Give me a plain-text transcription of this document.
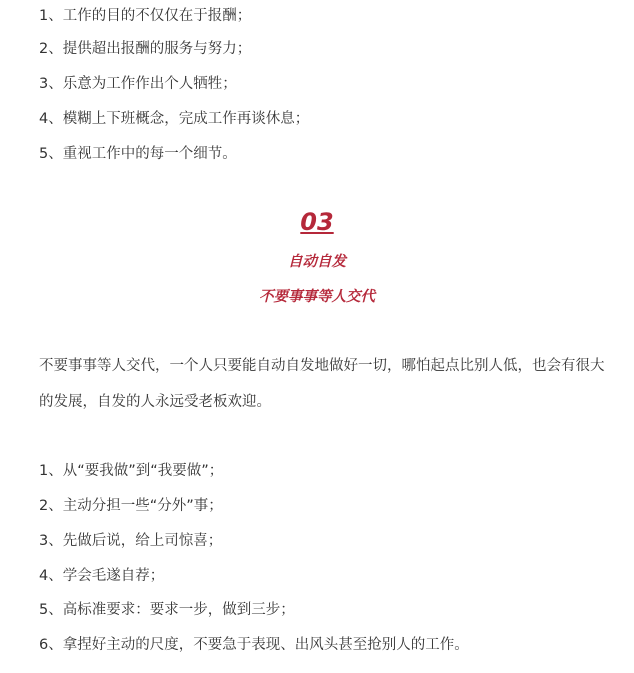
1、工作的目的不仅仅在于报酬；

2、提供超出报酬的服务与努力；

3、乐意为工作作出个人牺牲；

4、模糊上下班概念，完成工作再谈休息；

5、重视工作中的每一个细节。

03

自动自发

不要事事等人交代

不要事事等人交代，一个人只要能自动自发地做好一切，哪怕起点比别人低，也会有很大的发展，自发的人永远受老板欢迎。

1、从“要我做”到“我要做”；

2、主动分担一些“分外”事；

3、先做后说，给上司惊喜；

4、学会毛遂自荐；

5、高标准要求：要求一步，做到三步；

6、拿捏好主动的尺度，不要急于表现、出风头甚至抢别人的工作。
